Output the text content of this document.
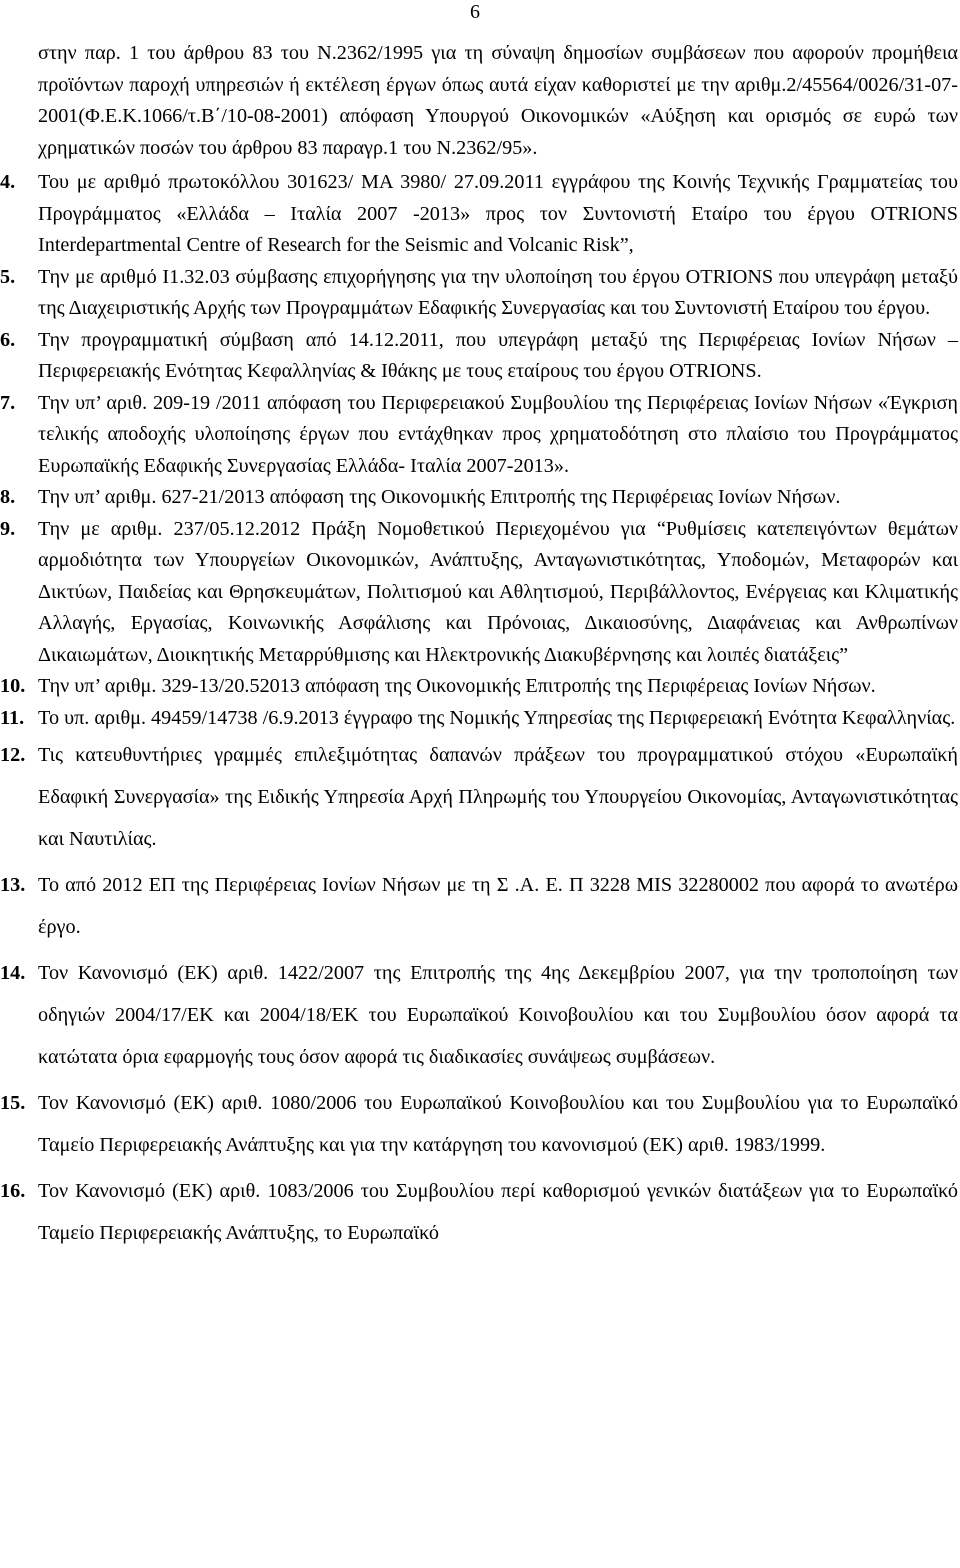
6

στην παρ. 1 του άρθρου 83 του Ν.2362/1995 για τη σύναψη δημοσίων συμβάσεων που αφορούν προμήθεια προϊόντων παροχή υπηρεσιών ή εκτέλεση έργων όπως αυτά είχαν καθοριστεί με την αριθμ.2/45564/0026/31-07-2001(Φ.Ε.Κ.1066/τ.Β΄/10-08-2001) απόφαση Υπουργού Οικονομικών «Αύξηση και ορισμός σε ευρώ των χρηματικών ποσών του άρθρου 83 παραγρ.1 του Ν.2362/95».

4. Του με αριθμό πρωτοκόλλου 301623/ ΜΑ 3980/ 27.09.2011 εγγράφου της Κοινής Τεχνικής Γραμματείας του Προγράμματος «Ελλάδα – Ιταλία 2007 -2013» προς τον Συντονιστή Εταίρο του έργου OTRIONS Interdepartmental Centre of Research for the Seismic and Volcanic Risk”,
5. Την με αριθμό Ι1.32.03 σύμβασης επιχορήγησης για την υλοποίηση του έργου OTRIONS που υπεγράφη μεταξύ της Διαχειριστικής Αρχής των Προγραμμάτων Εδαφικής Συνεργασίας και του Συντονιστή Εταίρου του έργου.
6. Την προγραμματική σύμβαση από 14.12.2011, που υπεγράφη μεταξύ της Περιφέρειας Ιονίων Νήσων – Περιφερειακής Ενότητας Κεφαλληνίας & Ιθάκης με τους εταίρους του έργου OTRIONS.
7. Την υπ’ αριθ. 209-19 /2011 απόφαση του Περιφερειακού Συμβουλίου της Περιφέρειας Ιονίων Νήσων «Έγκριση τελικής αποδοχής υλοποίησης έργων που εντάχθηκαν προς χρηματοδότηση στο πλαίσιο του Προγράμματος Ευρωπαϊκής Εδαφικής Συνεργασίας Ελλάδα- Ιταλία 2007-2013».
8. Την υπ’ αριθμ. 627-21/2013 απόφαση της Οικονομικής Επιτροπής της Περιφέρειας Ιονίων Νήσων.
9. Την με αριθμ. 237/05.12.2012 Πράξη Νομοθετικού Περιεχομένου για “Ρυθμίσεις κατεπειγόντων θεμάτων αρμοδιότητα των Υπουργείων Οικονομικών, Ανάπτυξης, Ανταγωνιστικότητας, Υποδομών, Μεταφορών και Δικτύων, Παιδείας και Θρησκευμάτων, Πολιτισμού και Αθλητισμού, Περιβάλλοντος, Ενέργειας και Κλιματικής Αλλαγής, Εργασίας, Κοινωνικής Ασφάλισης και Πρόνοιας, Δικαιοσύνης, Διαφάνειας και Ανθρωπίνων Δικαιωμάτων, Διοικητικής Μεταρρύθμισης και Ηλεκτρονικής Διακυβέρνησης και λοιπές διατάξεις”
10. Την υπ’ αριθμ. 329-13/20.52013 απόφαση της Οικονομικής Επιτροπής της Περιφέρειας Ιονίων Νήσων.
11. Το υπ. αριθμ. 49459/14738 /6.9.2013 έγγραφο της Νομικής Υπηρεσίας της Περιφερειακή Ενότητα Κεφαλληνίας.
12. Τις κατευθυντήριες γραμμές επιλεξιμότητας δαπανών πράξεων του προγραμματικού στόχου «Ευρωπαϊκή Εδαφική Συνεργασία» της Ειδικής Υπηρεσία Αρχή Πληρωμής του Υπουργείου Οικονομίας, Ανταγωνιστικότητας και Ναυτιλίας.
13. Το από 2012 ΕΠ της Περιφέρειας Ιονίων Νήσων με τη Σ .Α. Ε. Π 3228 MIS 32280002 που αφορά το ανωτέρω έργο.
14. Τον Κανονισμό (ΕΚ) αριθ. 1422/2007 της Επιτροπής της 4ης Δεκεμβρίου 2007, για την τροποποίηση των οδηγιών 2004/17/ΕΚ και 2004/18/ΕΚ του Ευρωπαϊκού Κοινοβουλίου και του Συμβουλίου όσον αφορά τα κατώτατα όρια εφαρμογής τους όσον αφορά τις διαδικασίες συνάψεως συμβάσεων.
15. Τον Κανονισμό (ΕΚ) αριθ. 1080/2006 του Ευρωπαϊκού Κοινοβουλίου και του Συμβουλίου για το Ευρωπαϊκό Ταμείο Περιφερειακής Ανάπτυξης και για την κατάργηση του κανονισμού (ΕΚ) αριθ. 1983/1999.
16. Τον Κανονισμό (ΕΚ) αριθ. 1083/2006 του Συμβουλίου περί καθορισμού γενικών διατάξεων για το Ευρωπαϊκό Ταμείο Περιφερειακής Ανάπτυξης, το Ευρωπαϊκό
